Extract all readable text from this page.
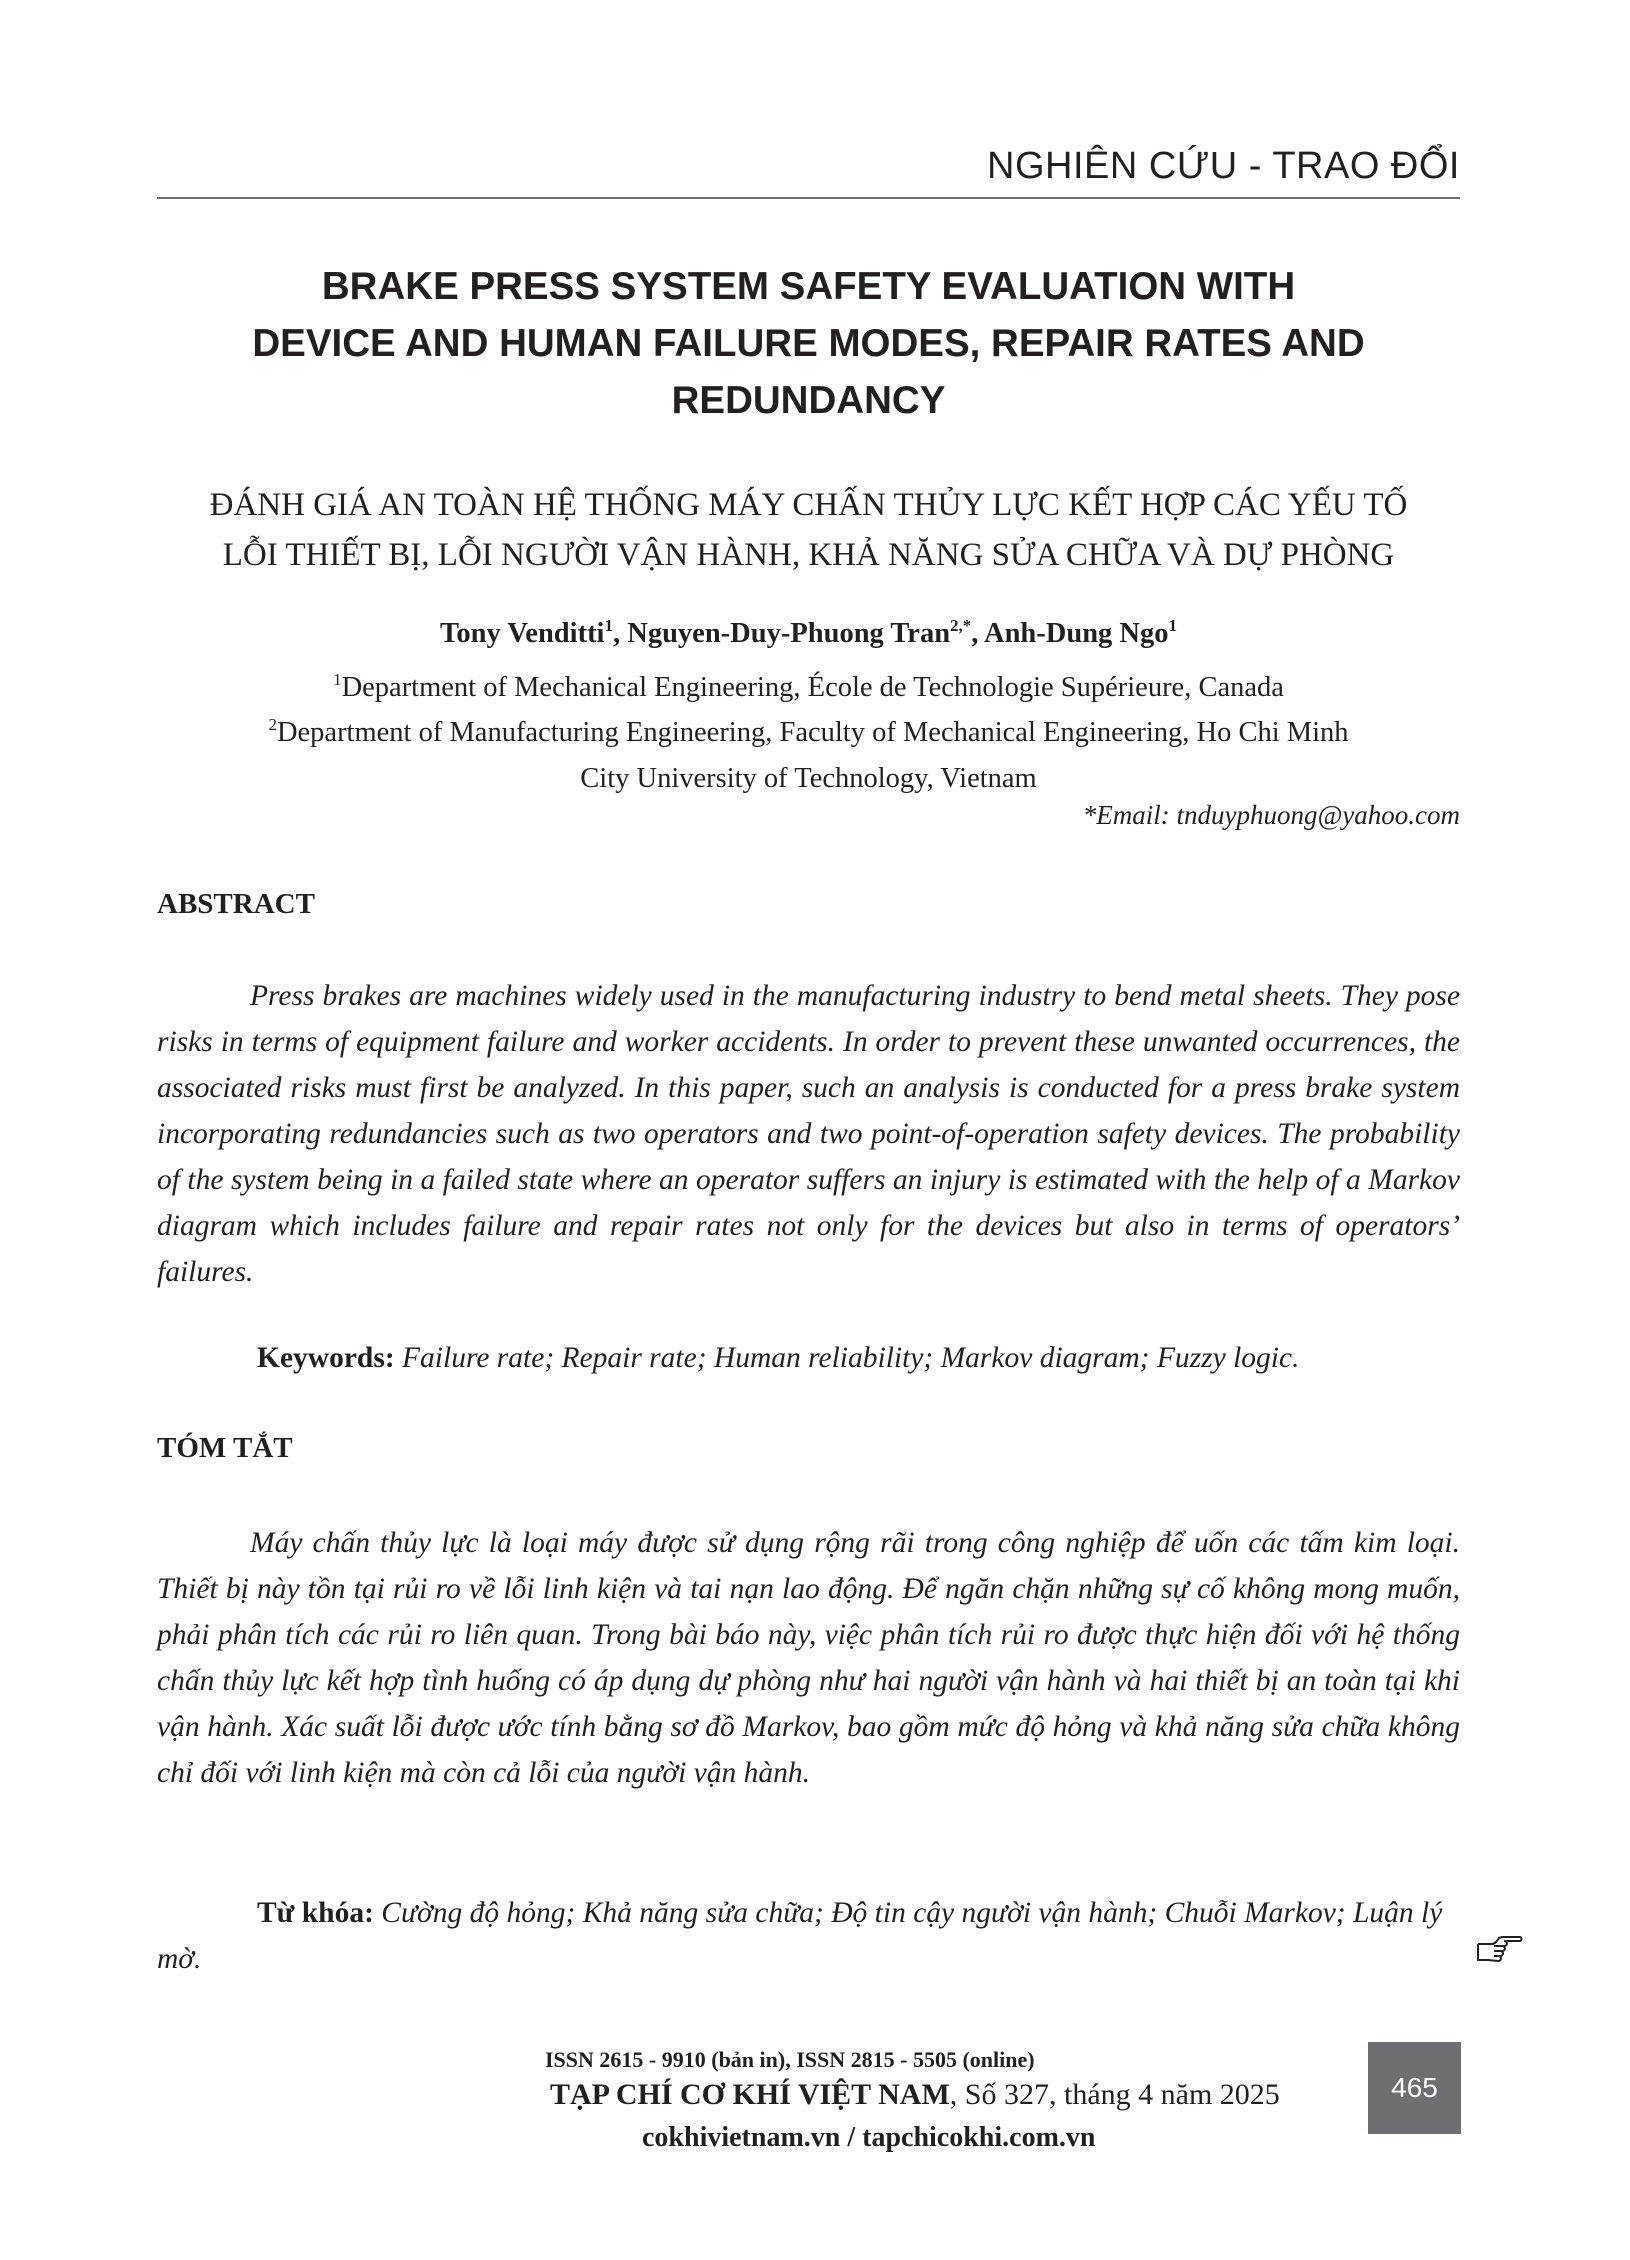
NGHIÊN CỨU - TRAO ĐỔI
BRAKE PRESS SYSTEM SAFETY EVALUATION WITH
DEVICE AND HUMAN FAILURE MODES, REPAIR RATES AND
REDUNDANCY
ĐÁNH GIÁ AN TOÀN HỆ THỐNG MÁY CHẤN THỦY LỰC KẾT HỢP CÁC YẾU TỐ
LỖI THIẾT BỊ, LỖI NGƯỜI VẬN HÀNH, KHẢ NĂNG SỬA CHỮA VÀ DỰ PHÒNG
Tony Venditti$^1$, Nguyen-Duy-Phuong Tran$^{2,*}$, Anh-Dung Ngo$^1$
$^1$Department of Mechanical Engineering, École de Technologie Supérieure, Canada
$^2$Department of Manufacturing Engineering, Faculty of Mechanical Engineering, Ho Chi Minh
City University of Technology, Vietnam
*Email: tnduyphuong@yahoo.com
ABSTRACT

Press brakes are machines widely used in the manufacturing industry to bend metal sheets. They pose risks in terms of equipment failure and worker accidents. In order to prevent these unwanted occurrences, the associated risks must first be analyzed. In this paper, such an analysis is conducted for a press brake system incorporating redundancies such as two operators and two point-of-operation safety devices. The probability of the system being in a failed state where an operator suffers an injury is estimated with the help of a Markov diagram which includes failure and repair rates not only for the devices but also in terms of operators’ failures.

Keywords: Failure rate; Repair rate; Human reliability; Markov diagram; Fuzzy logic.

TÓM TẮT

Máy chấn thủy lực là loại máy được sử dụng rộng rãi trong công nghiệp để uốn các tấm kim loại. Thiết bị này tồn tại rủi ro về lỗi linh kiện và tai nạn lao động. Để ngăn chặn những sự cố không mong muốn, phải phân tích các rủi ro liên quan. Trong bài báo này, việc phân tích rủi ro được thực hiện đối với hệ thống chấn thủy lực kết hợp tình huống có áp dụng dự phòng như hai người vận hành và hai thiết bị an toàn tại khi vận hành. Xác suất lỗi được ước tính bằng sơ đồ Markov, bao gồm mức độ hỏng và khả năng sửa chữa không chỉ đối với linh kiện mà còn cả lỗi của người vận hành.

Từ khóa: Cường độ hỏng; Khả năng sửa chữa; Độ tin cậy người vận hành; Chuỗi Markov; Luận lý mờ.

ISSN 2615 - 9910 (bản in), ISSN 2815 - 5505 (online)
TẠP CHÍ CƠ KHÍ VIỆT NAM, Số 327, tháng 4 năm 2025
cokhivietnam.vn / tapchicokhi.com.vn
465
